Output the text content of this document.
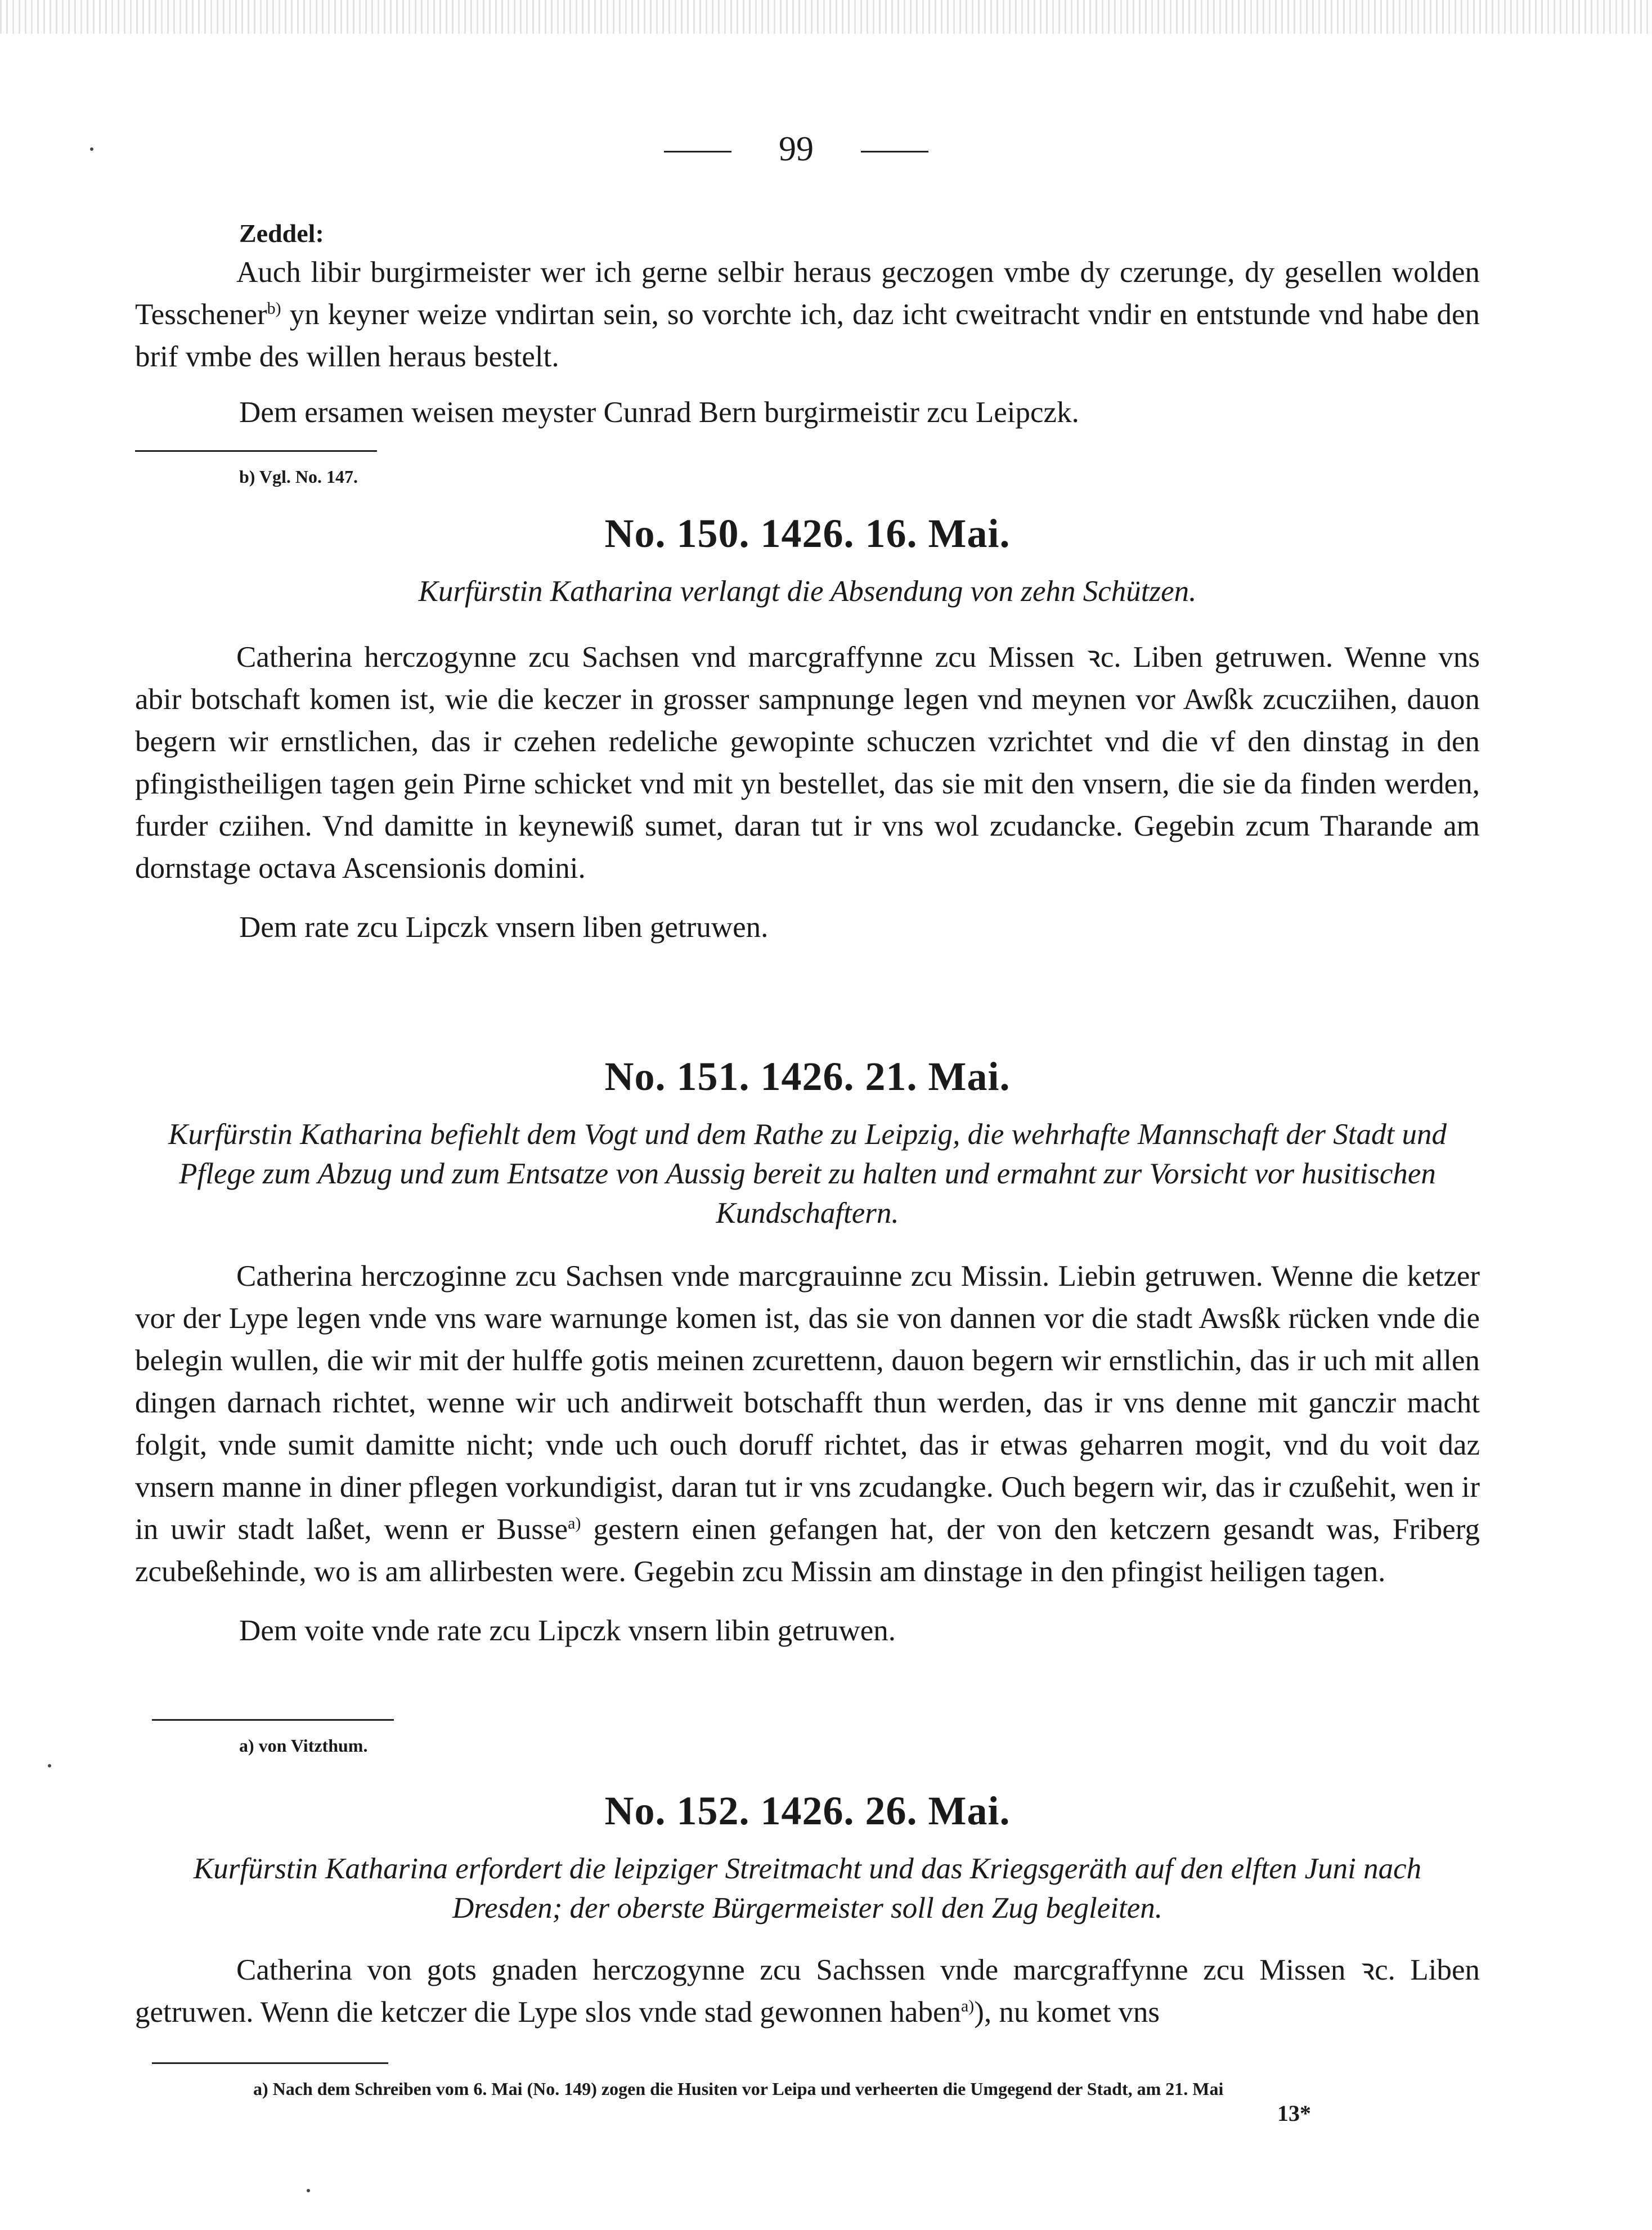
99

Zeddel:

Auch libir burgirmeister wer ich gerne selbir heraus geczogen vmbe dy czerunge, dy gesellen wolden Tesschener$^{b)}$ yn keyner weize vndirtan sein, so vorchte ich, daz icht cweitracht vndir en entstunde vnd habe den brif vmbe des willen heraus bestelt.

Dem ersamen weisen meyster Cunrad Bern burgirmeistir zcu Leipczk.

b) Vgl. No. 147.

No. 150. 1426. 16. Mai.

Kurfürstin Katharina verlangt die Absendung von zehn Schützen.

Catherina herczogynne zcu Sachsen vnd marcgraffynne zcu Missen ꝛc. Liben getruwen. Wenne vns abir botschaft komen ist, wie die keczer in grosser sampnunge legen vnd meynen vor Awßk zcucziihen, dauon begern wir ernstlichen, das ir czehen redeliche gewopinte schuczen vzrichtet vnd die vf den dinstag in den pfingistheiligen tagen gein Pirne schicket vnd mit yn bestellet, das sie mit den vnsern, die sie da finden werden, furder cziihen. Vnd damitte in keynewiß sumet, daran tut ir vns wol zcudancke. Gegebin zcum Tharande am dornstage octava Ascensionis domini.

Dem rate zcu Lipczk vnsern liben getruwen.

No. 151. 1426. 21. Mai.

Kurfürstin Katharina befiehlt dem Vogt und dem Rathe zu Leipzig, die wehrhafte Mannschaft der Stadt und Pflege zum Abzug und zum Entsatze von Aussig bereit zu halten und ermahnt zur Vorsicht vor husitischen Kundschaftern.

Catherina herczoginne zcu Sachsen vnde marcgrauinne zcu Missin. Liebin getruwen. Wenne die ketzer vor der Lype legen vnde vns ware warnunge komen ist, das sie von dannen vor die stadt Awsßk rücken vnde die belegin wullen, die wir mit der hulffe gotis meinen zcurettenn, dauon begern wir ernstlichin, das ir uch mit allen dingen darnach richtet, wenne wir uch andirweit botschafft thun werden, das ir vns denne mit ganczir macht folgit, vnde sumit damitte nicht; vnde uch ouch doruff richtet, das ir etwas geharren mogit, vnd du voit daz vnsern manne in diner pflegen vorkundigist, daran tut ir vns zcudangke. Ouch begern wir, das ir czußehit, wen ir in uwir stadt laßet, wenn er Busse$^{a)}$ gestern einen gefangen hat, der von den ketczern gesandt was, Friberg zcubeßehinde, wo is am allirbesten were. Gegebin zcu Missin am dinstage in den pfingist heiligen tagen.

Dem voite vnde rate zcu Lipczk vnsern libin getruwen.

a) von Vitzthum.

No. 152. 1426. 26. Mai.

Kurfürstin Katharina erfordert die leipziger Streitmacht und das Kriegsgeräth auf den elften Juni nach Dresden; der oberste Bürgermeister soll den Zug begleiten.

Catherina von gots gnaden herczogynne zcu Sachssen vnde marcgraffynne zcu Missen ꝛc. Liben getruwen. Wenn die ketczer die Lype slos vnde stad gewonnen haben$^{a)}$), nu komet vns

a) Nach dem Schreiben vom 6. Mai (No. 149) zogen die Husiten vor Leipa und verheerten die Umgegend der Stadt, am 21. Mai

13*
